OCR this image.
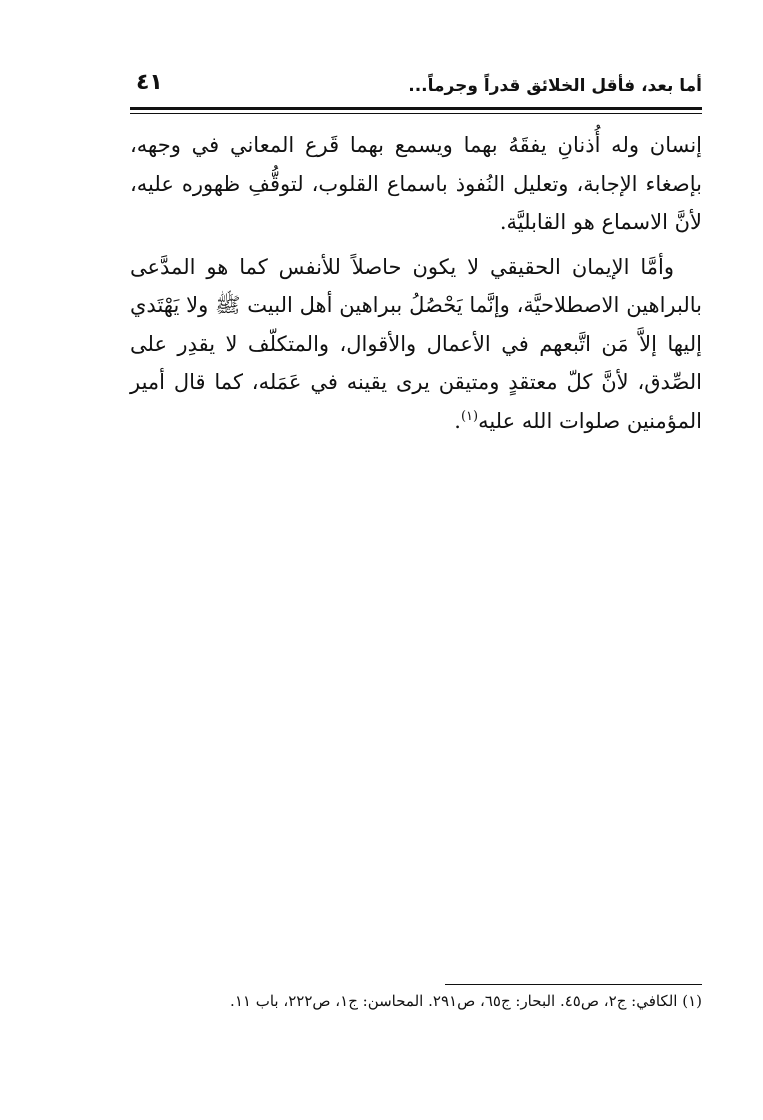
أما بعد، فأقل الخلائق قدراً وجرماً...
٤١

إنسان وله أُذنانِ يفقَهُ بهما ويسمع بهما قَرع المعاني في وجهه، بإصغاء الإجابة، وتعليل النُفوذ باسماع القلوب، لتوقُّفِ ظهوره عليه، لأنَّ الاسماع هو القابليَّة.

وأمَّا الإيمان الحقيقي لا يكون حاصلاً للأنفس كما هو المدَّعى بالبراهين الاصطلاحيَّة، وإنَّما يَحْصُلُ ببراهين أهل البيت ﷺ ولا يَهْتَدي إليها إلاَّ مَن اتَّبعهم في الأعمال والأقوال، والمتكلّف لا يقدِر على الصِّدق، لأنَّ كلّ معتقدٍ ومتيقن يرى يقينه في عَمَله، كما قال أمير المؤمنين صلوات الله عليه$^{(١)}$.

(١) الكافي: ج٢، ص٤٥. البحار: ج٦٥، ص٢٩١. المحاسن: ج١، ص٢٢٢، باب ١١.
